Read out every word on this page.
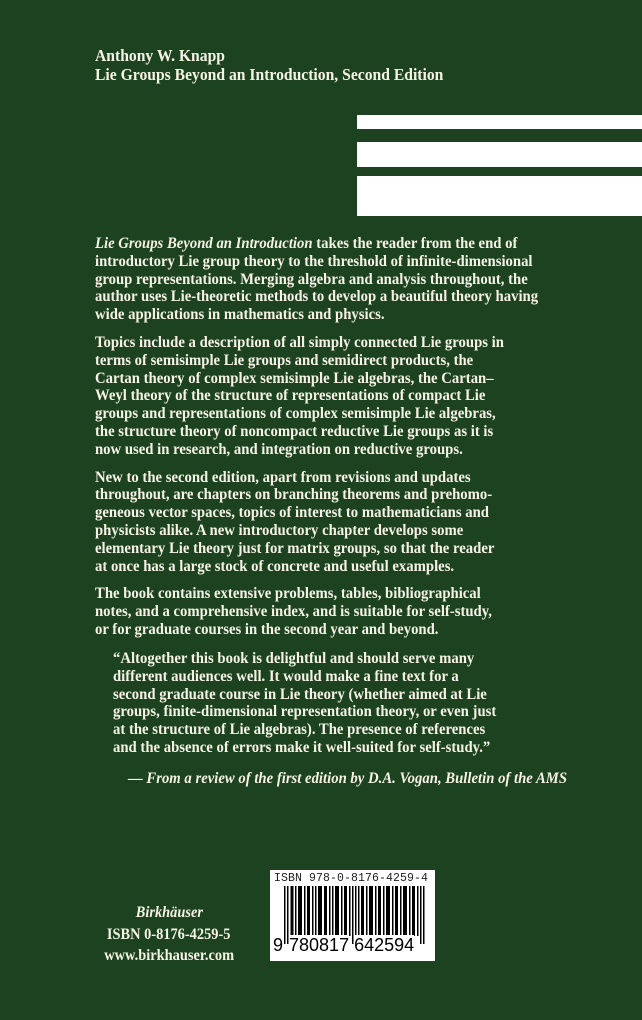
Anthony W. Knapp
Lie Groups Beyond an Introduction, Second Edition
Lie Groups Beyond an Introduction takes the reader from the end of
introductory Lie group theory to the threshold of infinite-dimensional
group representations. Merging algebra and analysis throughout, the
author uses Lie-theoretic methods to develop a beautiful theory having
wide applications in mathematics and physics.
Topics include a description of all simply connected Lie groups in
terms of semisimple Lie groups and semidirect products, the
Cartan theory of complex semisimple Lie algebras, the Cartan–
Weyl theory of the structure of representations of compact Lie
groups and representations of complex semisimple Lie algebras,
the structure theory of noncompact reductive Lie groups as it is
now used in research, and integration on reductive groups.
New to the second edition, apart from revisions and updates
throughout, are chapters on branching theorems and prehomo-
geneous vector spaces, topics of interest to mathematicians and
physicists alike. A new introductory chapter develops some
elementary Lie theory just for matrix groups, so that the reader
at once has a large stock of concrete and useful examples.
The book contains extensive problems, tables, bibliographical
notes, and a comprehensive index, and is suitable for self-study,
or for graduate courses in the second year and beyond.
“Altogether this book is delightful and should serve many
different audiences well. It would make a fine text for a
second graduate course in Lie theory (whether aimed at Lie
groups, finite-dimensional representation theory, or even just
at the structure of Lie algebras). The presence of references
and the absence of errors make it well-suited for self-study.”
— From a review of the first edition by D.A. Vogan, Bulletin of the AMS
Birkhäuser
ISBN 0-8176-4259-5
www.birkhauser.com
ISBN 978-0-8176-4259-4
9 780817 642594
